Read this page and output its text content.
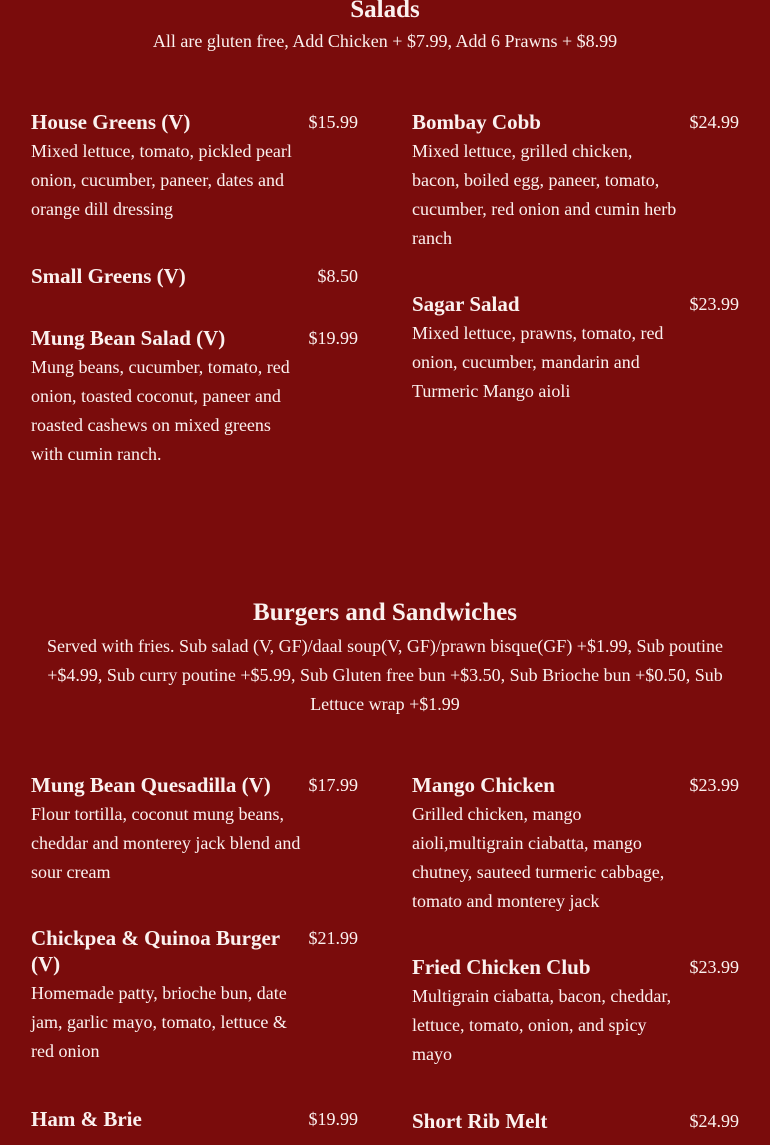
Salads

All are gluten free, Add Chicken + $7.99, Add 6 Prawns + $8.99

House Greens (V)	$15.99
Mixed lettuce, tomato, pickled pearl onion, cucumber, paneer, dates and orange dill dressing
Small Greens (V)	$8.50
Mung Bean Salad (V)	$19.99
Mung beans, cucumber, tomato, red onion, toasted coconut, paneer and roasted cashews on mixed greens with cumin ranch.
Bombay Cobb	$24.99
Mixed lettuce, grilled chicken, bacon, boiled egg, paneer, tomato, cucumber, red onion and cumin herb ranch
Sagar Salad	$23.99
Mixed lettuce, prawns, tomato, red onion, cucumber, mandarin and Turmeric Mango aioli
Burgers and Sandwiches

Served with fries. Sub salad (V, GF)/daal soup(V, GF)/prawn bisque(GF) +$1.99, Sub poutine +$4.99, Sub curry poutine +$5.99, Sub Gluten free bun +$3.50, Sub Brioche bun +$0.50, Sub Lettuce wrap +$1.99

Mung Bean Quesadilla (V)	$17.99
Flour tortilla, coconut mung beans, cheddar and monterey jack blend and sour cream
Chickpea & Quinoa Burger (V)
$21.99
Homemade patty, brioche bun, date jam, garlic mayo, tomato, lettuce & red onion
Ham & Brie	$19.99
Mango Chicken	$23.99
Grilled chicken, mango aioli,multigrain ciabatta, mango chutney, sauteed turmeric cabbage, tomato and monterey jack
Fried Chicken Club	$23.99
Multigrain ciabatta, bacon, cheddar, lettuce, tomato, onion, and spicy mayo
Short Rib Melt	$24.99
